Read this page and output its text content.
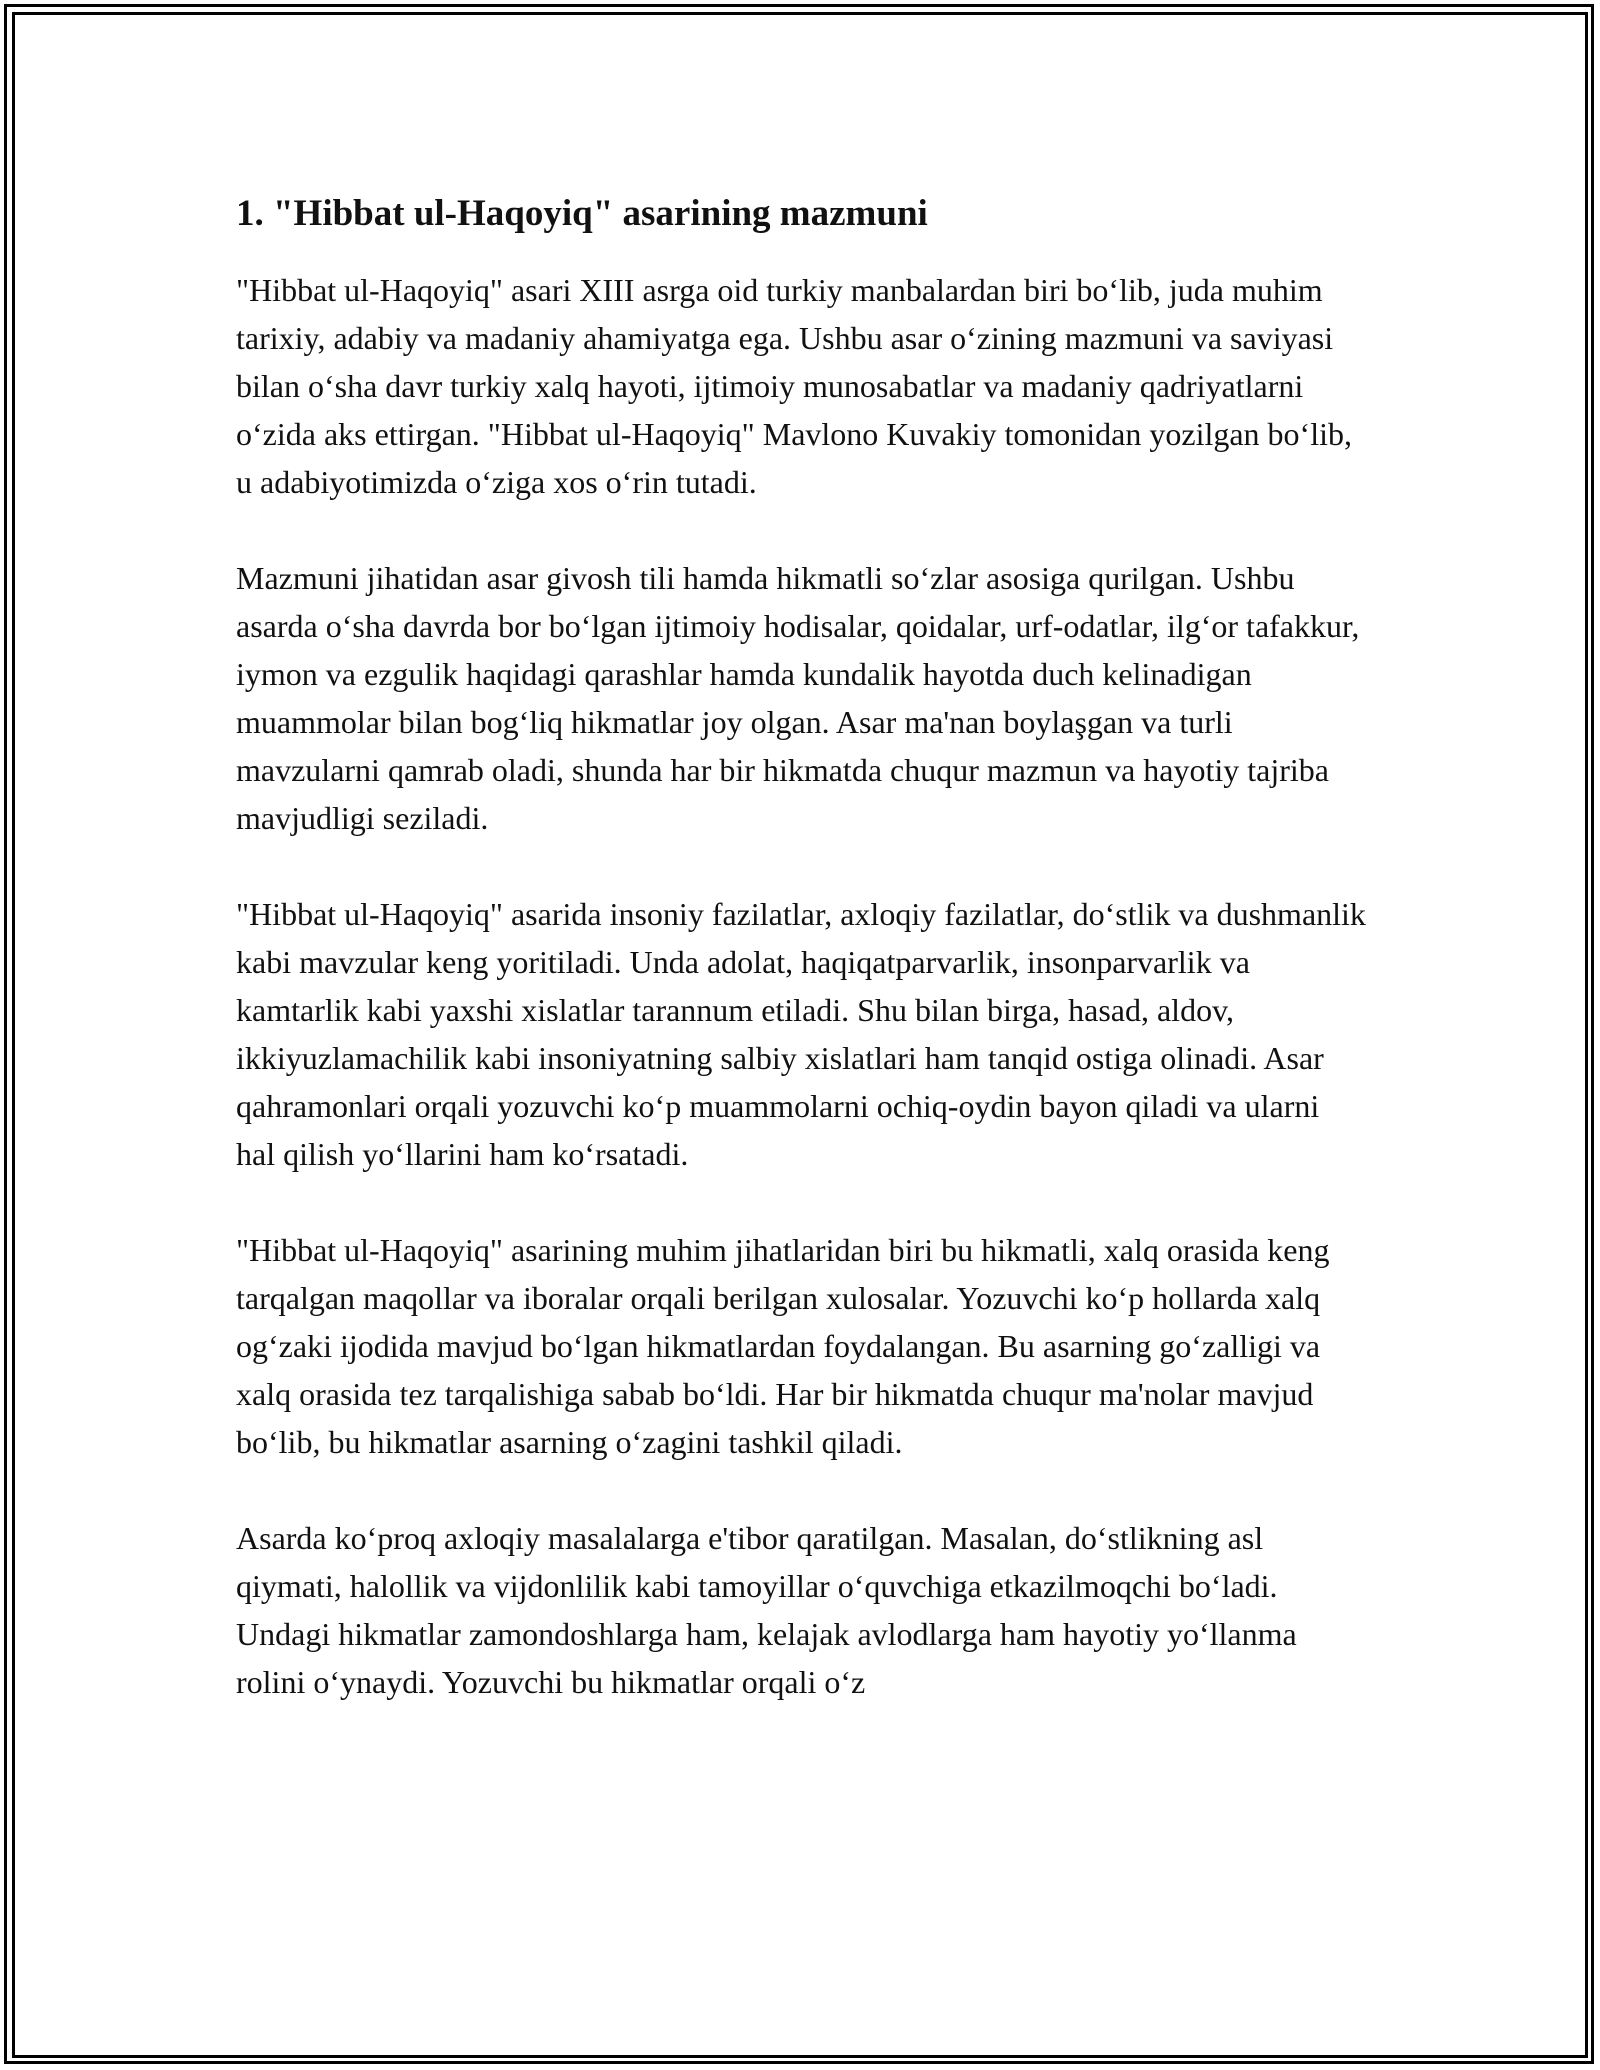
1. "Hibbat ul-Haqoyiq" asarining mazmuni

"Hibbat ul-Haqoyiq" asari XIII asrga oid turkiy manbalardan biri boʻlib, juda muhim tarixiy, adabiy va madaniy ahamiyatga ega. Ushbu asar oʻzining mazmuni va saviyasi bilan oʻsha davr turkiy xalq hayoti, ijtimoiy munosabatlar va madaniy qadriyatlarni oʻzida aks ettirgan. "Hibbat ul-Haqoyiq" Mavlono Kuvakiy tomonidan yozilgan boʻlib, u adabiyotimizda oʻziga xos oʻrin tutadi.

Mazmuni jihatidan asar givosh tili hamda hikmatli soʻzlar asosiga qurilgan. Ushbu asarda oʻsha davrda bor boʻlgan ijtimoiy hodisalar, qoidalar, urf-odatlar, ilgʻor tafakkur, iymon va ezgulik haqidagi qarashlar hamda kundalik hayotda duch kelinadigan muammolar bilan bogʻliq hikmatlar joy olgan. Asar ma'nan boylaşgan va turli mavzularni qamrab oladi, shunda har bir hikmatda chuqur mazmun va hayotiy tajriba mavjudligi seziladi.

"Hibbat ul-Haqoyiq" asarida insoniy fazilatlar, axloqiy fazilatlar, doʻstlik va dushmanlik kabi mavzular keng yoritiladi. Unda adolat, haqiqatparvarlik, insonparvarlik va kamtarlik kabi yaxshi xislatlar tarannum etiladi. Shu bilan birga, hasad, aldov, ikkiyuzlamachilik kabi insoniyatning salbiy xislatlari ham tanqid ostiga olinadi. Asar qahramonlari orqali yozuvchi koʻp muammolarni ochiq-oydin bayon qiladi va ularni hal qilish yoʻllarini ham koʻrsatadi.

"Hibbat ul-Haqoyiq" asarining muhim jihatlaridan biri bu hikmatli, xalq orasida keng tarqalgan maqollar va iboralar orqali berilgan xulosalar. Yozuvchi koʻp hollarda xalq ogʻzaki ijodida mavjud boʻlgan hikmatlardan foydalangan. Bu asarning goʻzalligi va xalq orasida tez tarqalishiga sabab boʻldi. Har bir hikmatda chuqur ma'nolar mavjud boʻlib, bu hikmatlar asarning oʻzagini tashkil qiladi.

Asarda koʻproq axloqiy masalalarga e'tibor qaratilgan. Masalan, doʻstlikning asl qiymati, halollik va vijdonlilik kabi tamoyillar oʻquvchiga etkazilmoqchi boʻladi. Undagi hikmatlar zamondoshlarga ham, kelajak avlodlarga ham hayotiy yoʻllanma rolini oʻynaydi. Yozuvchi bu hikmatlar orqali oʻz
